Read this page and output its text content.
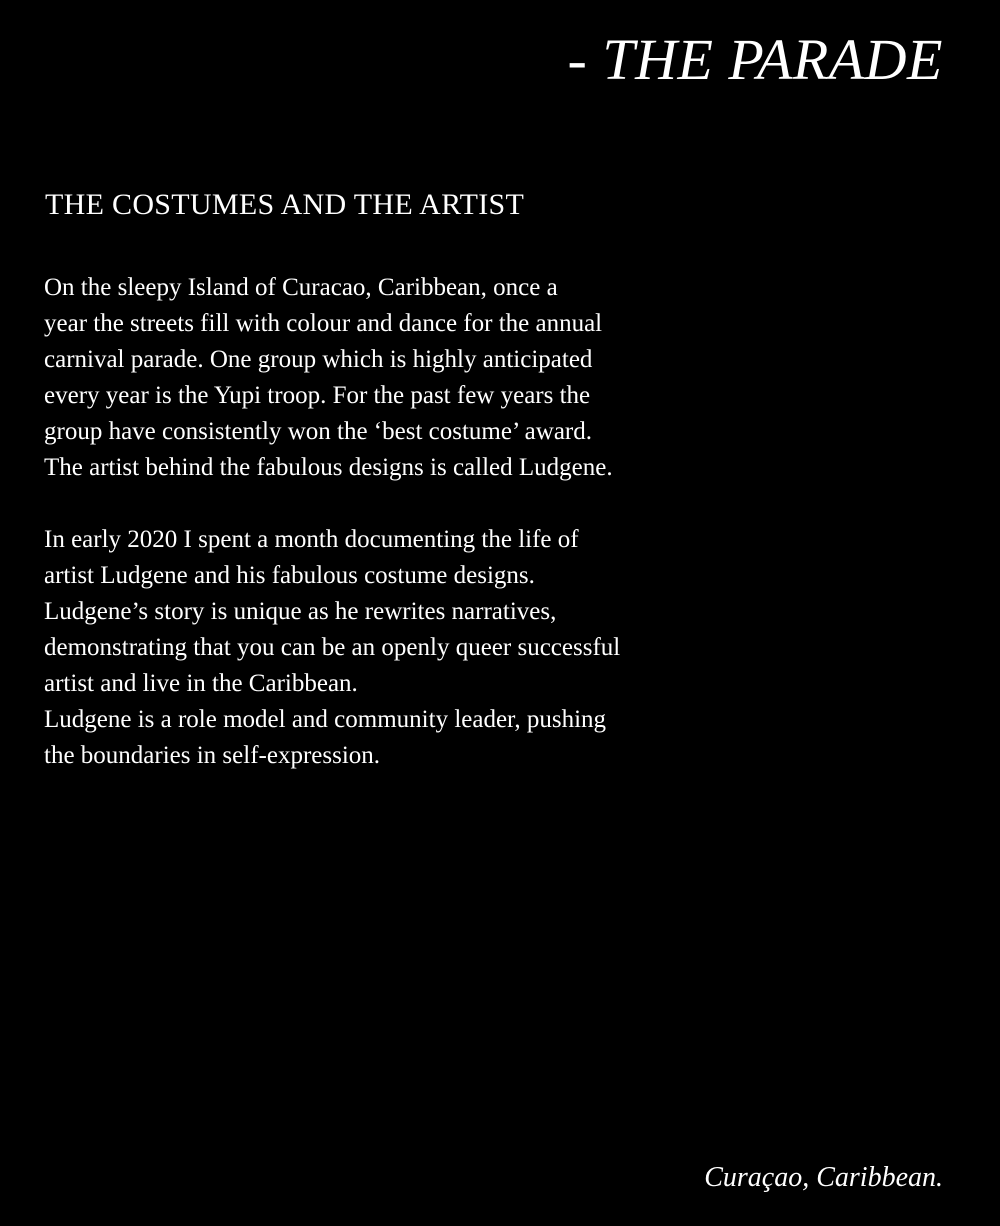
- THE PARADE
THE COSTUMES AND THE ARTIST
On the sleepy Island of Curacao, Caribbean, once a
year the streets fill with colour and dance for the annual
carnival parade. One group which is highly anticipated
every year is the Yupi troop. For the past few years the
group have consistently won the ‘best costume’ award.
The artist behind the fabulous designs is called Ludgene.
In early 2020 I spent a month documenting the life of
artist Ludgene and his fabulous costume designs.
Ludgene’s story is unique as he rewrites narratives,
demonstrating that you can be an openly queer successful
artist and live in the Caribbean.
Ludgene is a role model and community leader, pushing
the boundaries in self-expression.
Curaçao, Caribbean.
